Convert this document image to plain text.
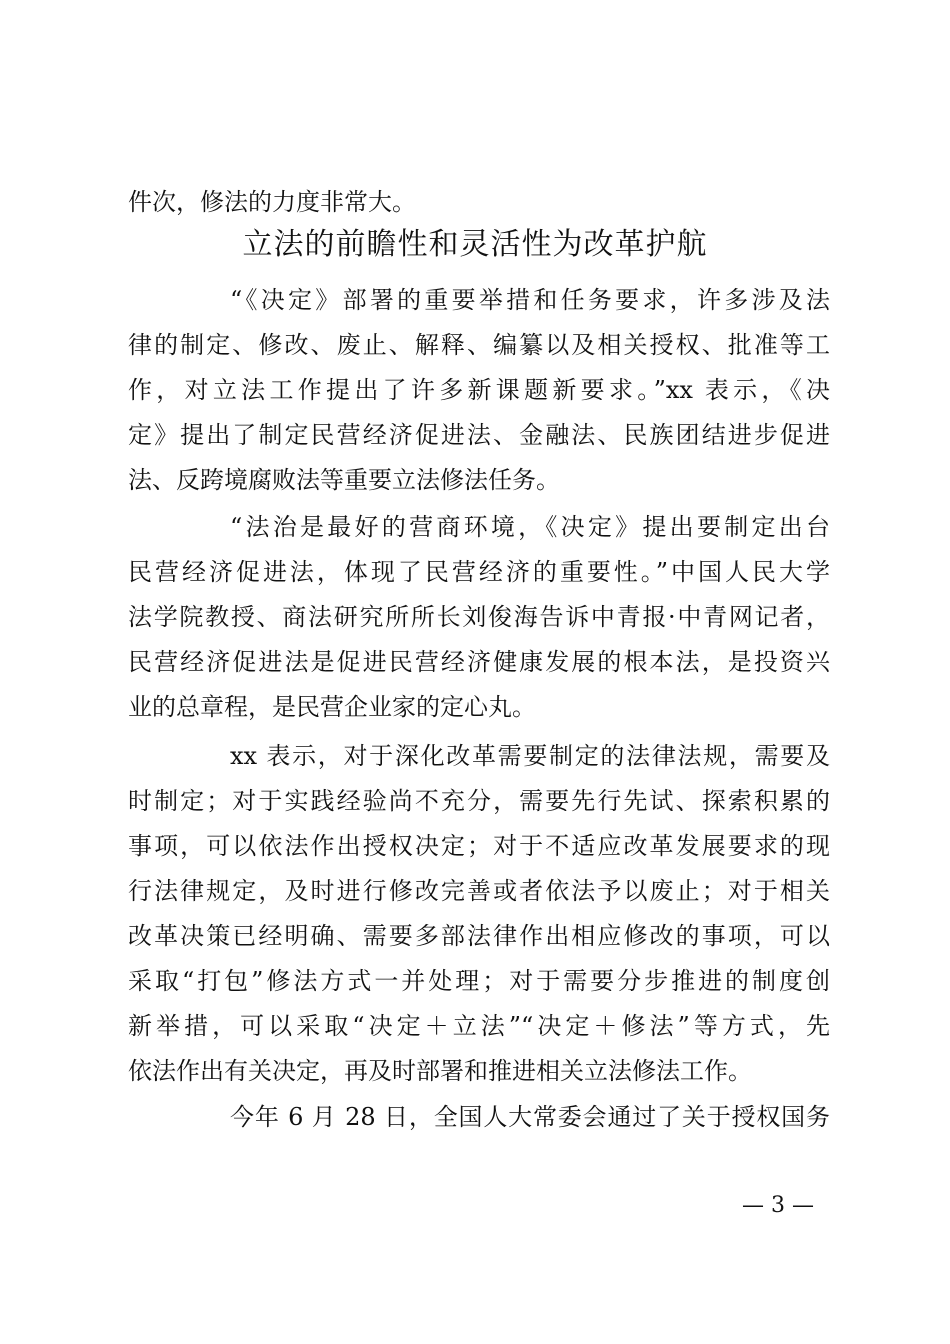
件次，修法的力度非常大。

立法的前瞻性和灵活性为改革护航

“《决定》部署的重要举措和任务要求，许多涉及法

律的制定、修改、废止、解释、编纂以及相关授权、批准等工

作，对立法工作提出了许多新课题新要求。”xx 表示，《决

定》提出了制定民营经济促进法、金融法、民族团结进步促进

法、反跨境腐败法等重要立法修法任务。

“法治是最好的营商环境，《决定》提出要制定出台

民营经济促进法，体现了民营经济的重要性。”中国人民大学

法学院教授、商法研究所所长刘俊海告诉中青报·中青网记者，

民营经济促进法是促进民营经济健康发展的根本法，是投资兴

业的总章程，是民营企业家的定心丸。

xx 表示，对于深化改革需要制定的法律法规，需要及

时制定；对于实践经验尚不充分，需要先行先试、探索积累的

事项，可以依法作出授权决定；对于不适应改革发展要求的现

行法律规定，及时进行修改完善或者依法予以废止；对于相关

改革决策已经明确、需要多部法律作出相应修改的事项，可以

采取“打包”修法方式一并处理；对于需要分步推进的制度创

新举措，可以采取“决定＋立法”“决定＋修法”等方式，先

依法作出有关决定，再及时部署和推进相关立法修法工作。

今年 6 月 28 日，全国人大常委会通过了关于授权国务

— 3 —
